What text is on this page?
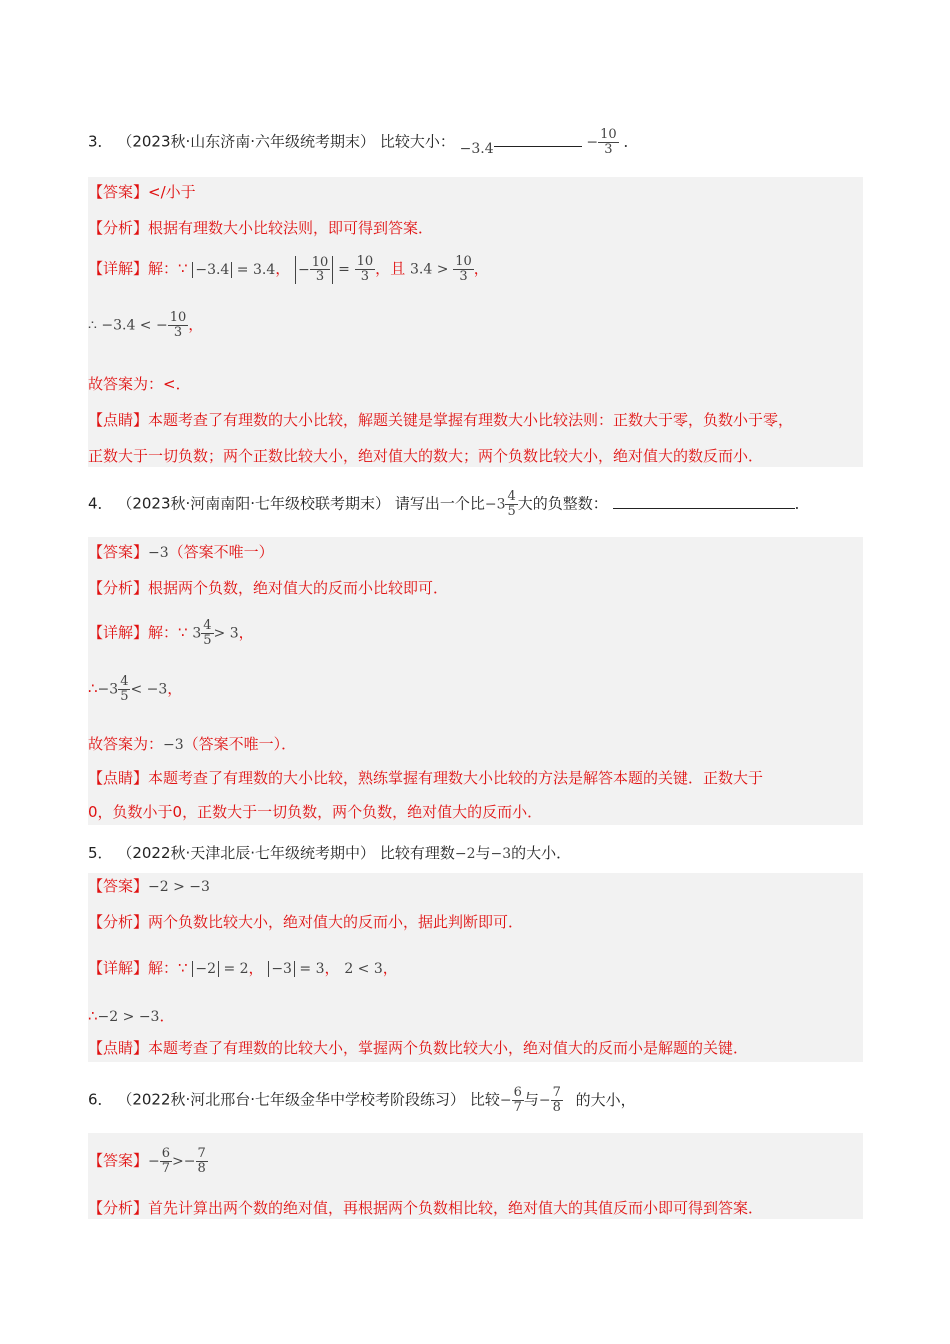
3． （2023秋·山东济南·六年级统考期末） 比较大小： −3.4	− $\frac{10}{3}$ ．
【答案】</小于
【分析】根据有理数大小比较法则，即可得到答案．
【详解】解：∵ −3.4 = 3.4， − $\frac{10}{3} = \frac{10}{3}$ ，且 $3.4 > \frac{10}{3}$ ，
∴ −3.4 < − $\frac{10}{3}$ ，
故答案为：<．
【点睛】本题考查了有理数的大小比较，解题关键是掌握有理数大小比较法则：正数大于零，负数小于零，
正数大于一切负数；两个正数比较大小，绝对值大的数大；两个负数比较大小，绝对值大的数反而小．
4． （2023秋·河南南阳·七年级校联考期末） 请写出一个比$-3 \frac{4}{5}$ 大的负整数：	．
【答案】−3（答案不唯一）
【分析】根据两个负数，绝对值大的反而小比较即可．
【详解】解：∵ $3 \frac{4}{5} > 3$，
∴−3 $\frac{4}{5} < -3$，
故答案为：−3（答案不唯一）．
【点睛】本题考查了有理数的大小比较，熟练掌握有理数大小比较的方法是解答本题的关键．正数大于
0，负数小于0，正数大于一切负数，两个负数，绝对值大的反而小．
5． （2022秋·天津北辰·七年级统考期中） 比较有理数−2与−3的大小．
【答案】−2 > −3
【分析】两个负数比较大小，绝对值大的反而小，据此判断即可．
【详解】解：∵ −2 = 2， −3 = 3， 2 < 3，
∴−2 > −3．
【点睛】本题考查了有理数的比较大小，掌握两个负数比较大小，绝对值大的反而小是解题的关键．
6． （2022秋·河北邢台·七年级金华中学校考阶段练习） 比较− $\frac{6}{7}$ 与− $\frac{7}{8}$ 的大小，
【答案】− $\frac{6}{7} >- \frac{7}{8}$
【分析】首先计算出两个数的绝对值，再根据两个负数相比较，绝对值大的其值反而小即可得到答案．
